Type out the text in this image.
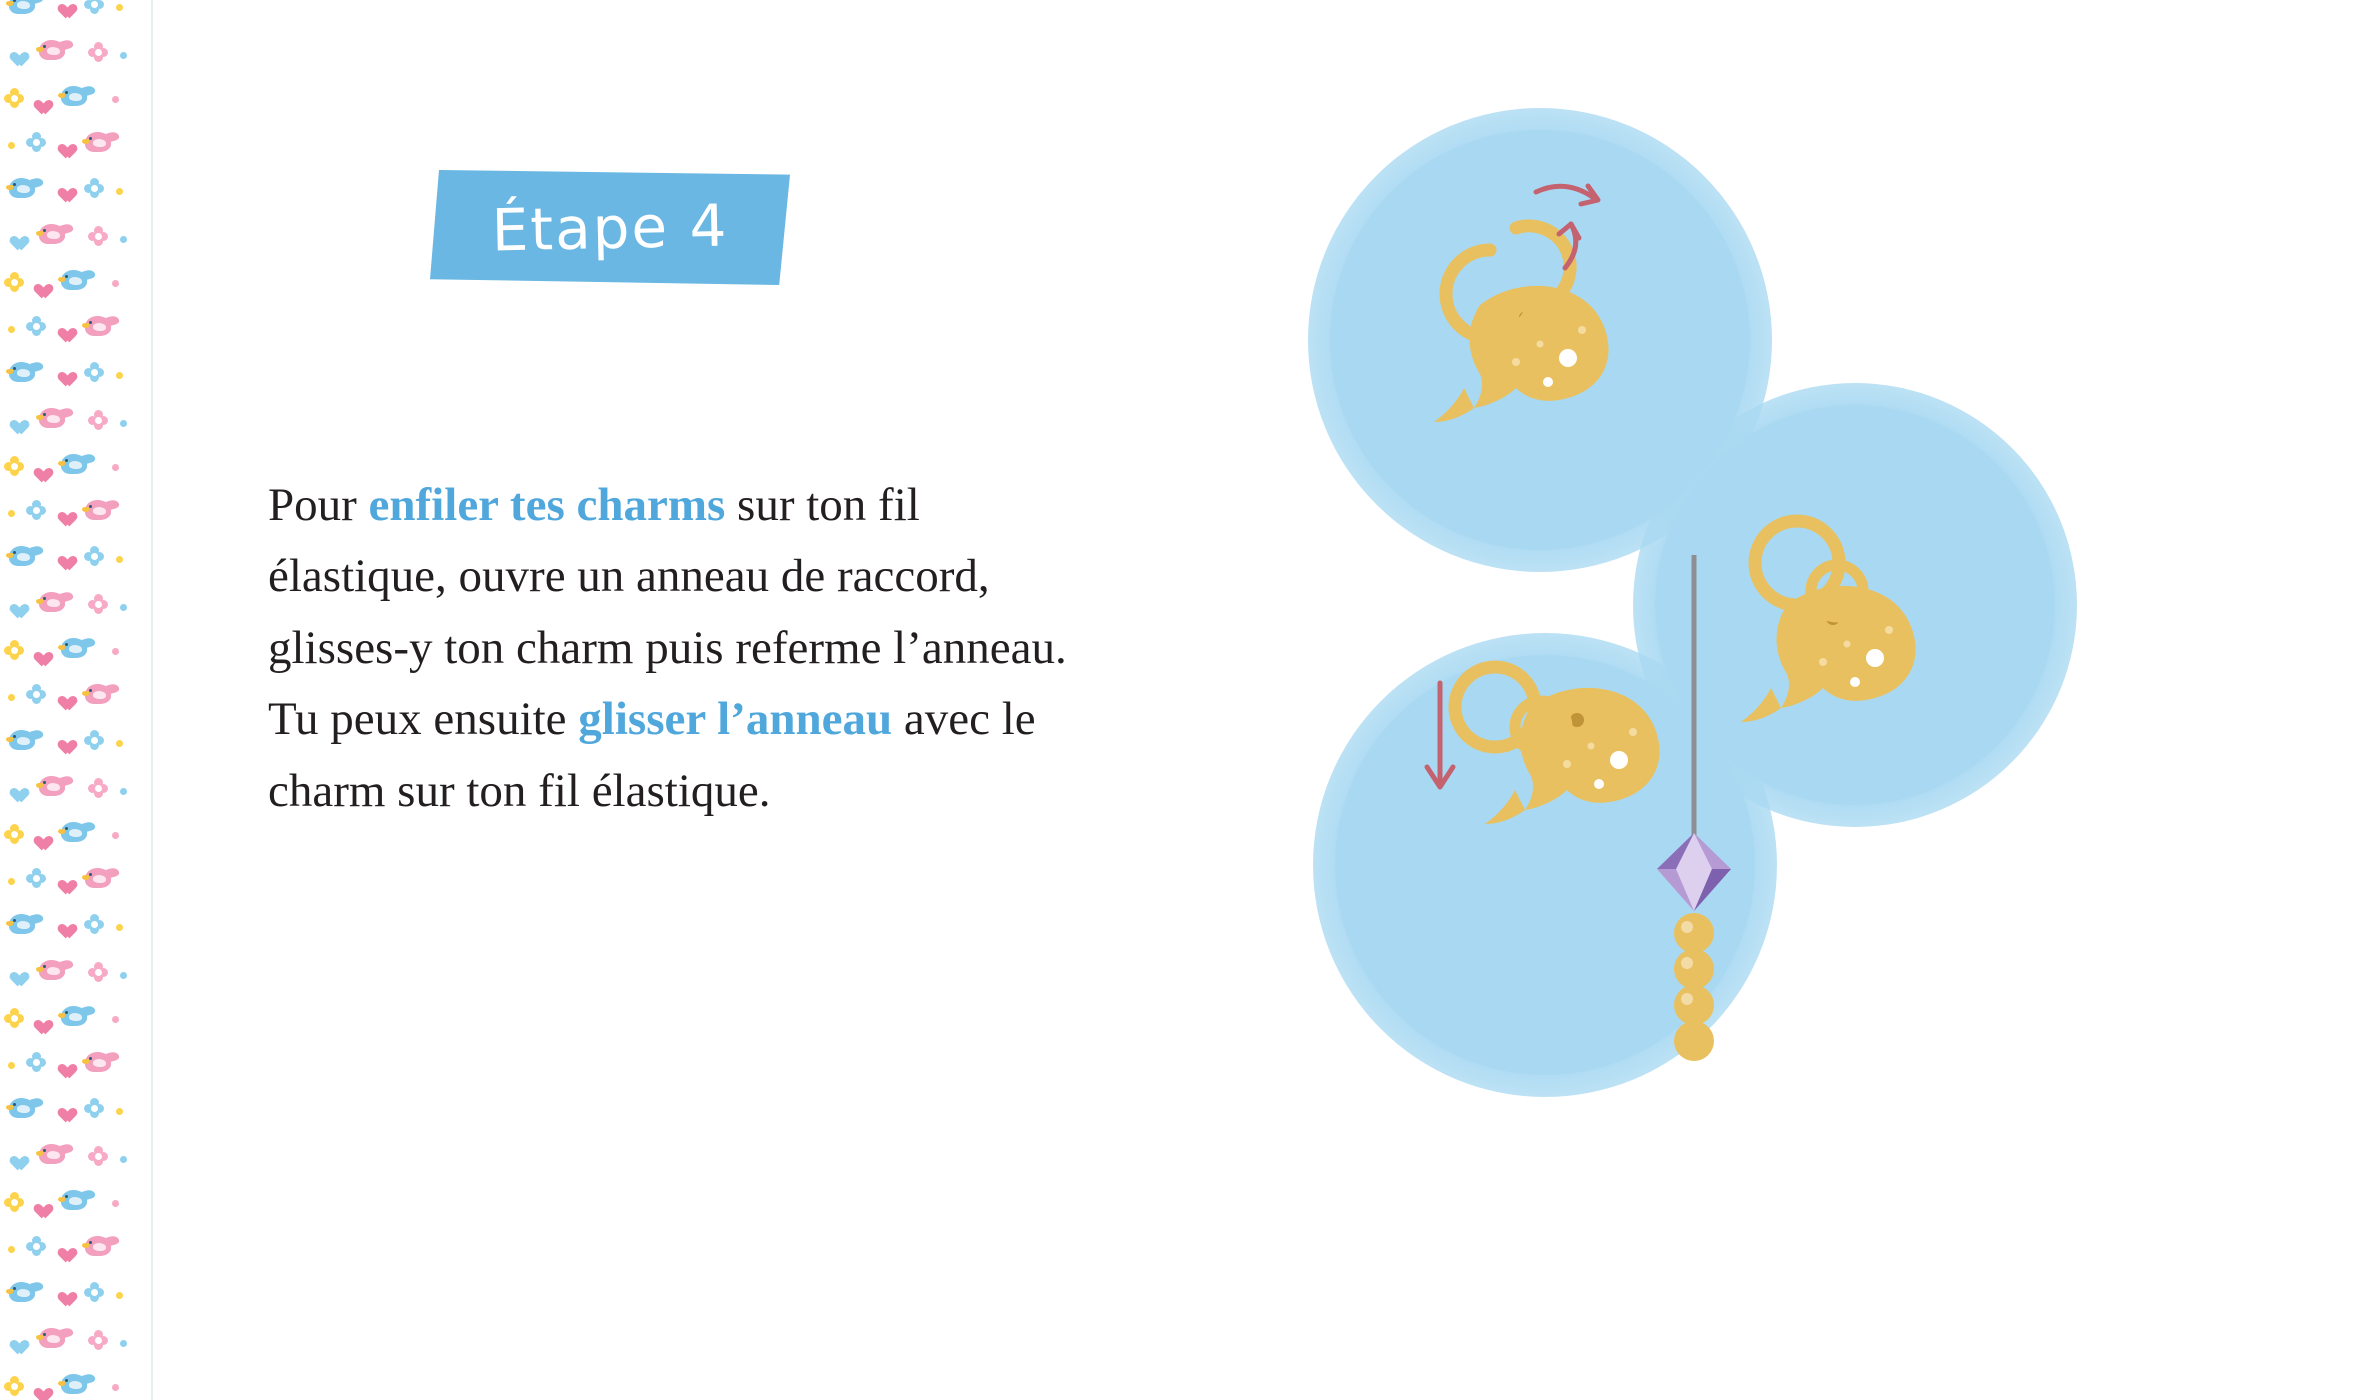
Étape 4
Pour enfiler tes charms sur ton fil élastique, ouvre un anneau de raccord, glisses-y ton charm puis referme l’anneau. Tu peux ensuite glisser l’anneau avec le charm sur ton fil élastique.
